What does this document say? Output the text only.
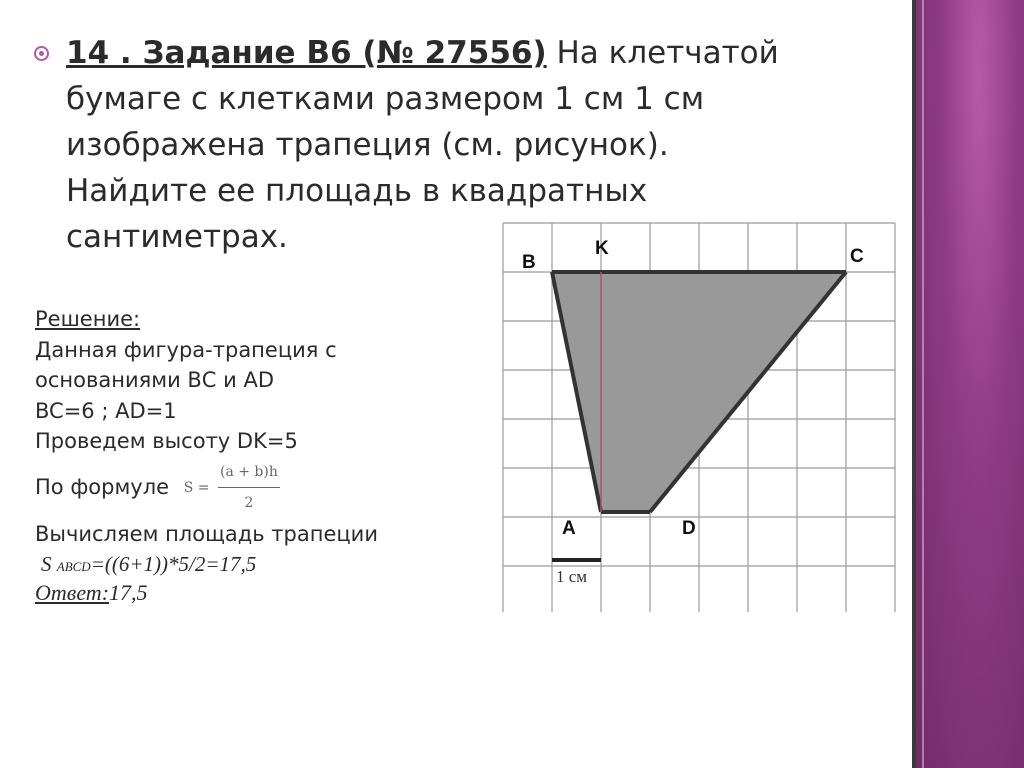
14 . Задание B6 (№ 27556) На клетчатой
бумаге с клетками размером 1 см 1 см
изображена трапеция (см. рисунок).
Найдите ее площадь в квадратных
сантиметрах.
Решение:
Данная фигура-трапеция с
основаниями ВС и AD
BC=6 ; AD=1
Проведем высоту DK=5
По формуле $S = \frac{(a + b)h}{2}$
Вычисляем площадь трапеции
S ABCD=((6+1))*5/2=17,5
Ответ:17,5
1 см
B
K	C
A	D
